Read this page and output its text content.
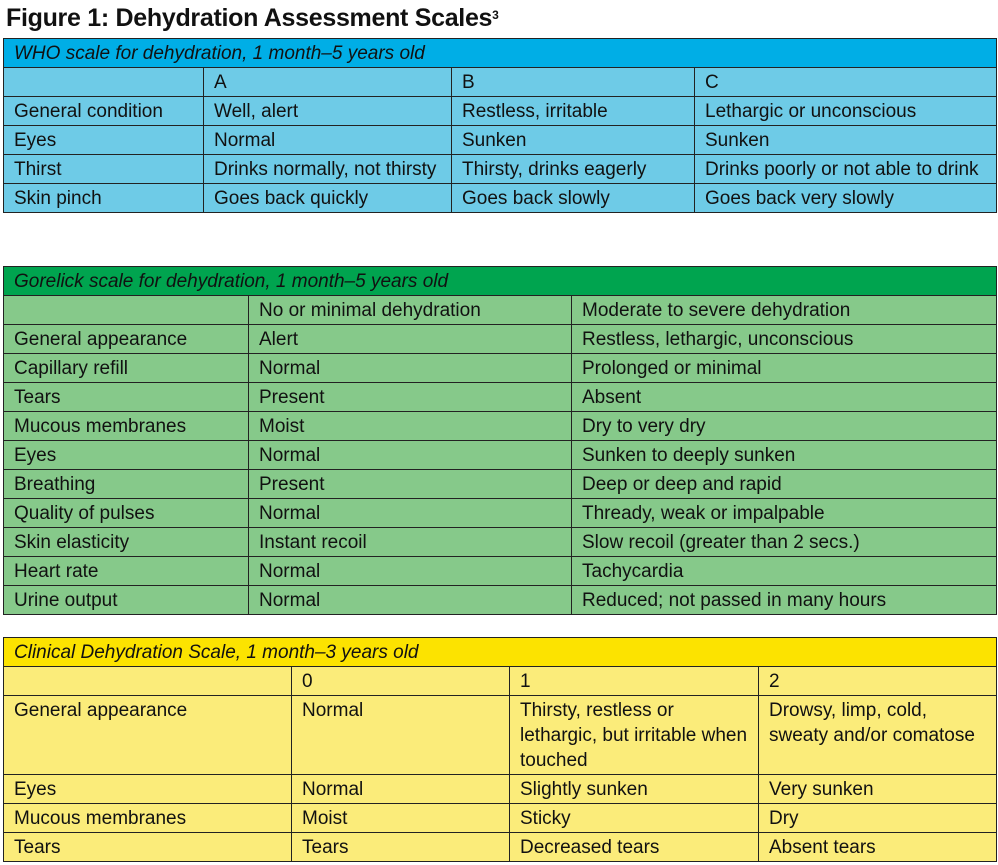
Figure 1: Dehydration Assessment Scales$^3$
WHO scale for dehydration, 1 month–5 years old			
	A	B	C
General condition	Well, alert	Restless, irritable	Lethargic or unconscious
Eyes	Normal	Sunken	Sunken
Thirst	Drinks normally, not thirsty	Thirsty, drinks eagerly	Drinks poorly or not able to drink
Skin pinch	Goes back quickly	Goes back slowly	Goes back very slowly
Gorelick scale for dehydration, 1 month–5 years old		
	No or minimal dehydration	Moderate to severe dehydration
General appearance	Alert	Restless, lethargic, unconscious
Capillary refill	Normal	Prolonged or minimal
Tears	Present	Absent
Mucous membranes	Moist	Dry to very dry
Eyes	Normal	Sunken to deeply sunken
Breathing	Present	Deep or deep and rapid
Quality of pulses	Normal	Thready, weak or impalpable
Skin elasticity	Instant recoil	Slow recoil (greater than 2 secs.)
Heart rate	Normal	Tachycardia
Urine output	Normal	Reduced; not passed in many hours
Clinical Dehydration Scale, 1 month–3 years old			
	0	1	2
General appearance	Normal	Thirsty, restless or lethargic, but irritable when touched	Drowsy, limp, cold, sweaty and/or comatose
Eyes	Normal	Slightly sunken	Very sunken
Mucous membranes	Moist	Sticky	Dry
Tears	Tears	Decreased tears	Absent tears
